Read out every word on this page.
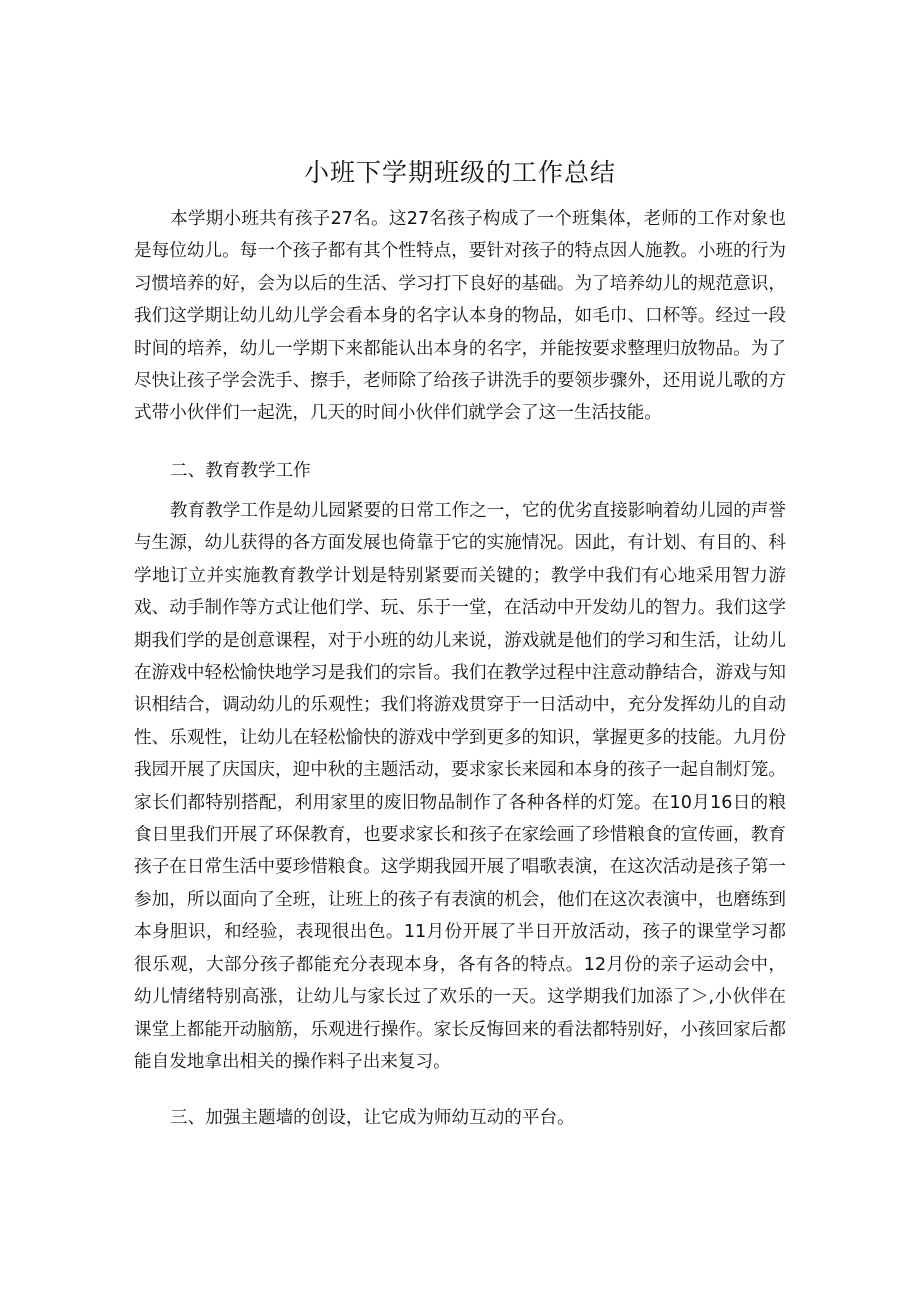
小班下学期班级的工作总结

本学期小班共有孩子27名。这27名孩子构成了一个班集体，老师的工作对象也是每位幼儿。每一个孩子都有其个性特点，要针对孩子的特点因人施教。小班的行为习惯培养的好，会为以后的生活、学习打下良好的基础。为了培养幼儿的规范意识，我们这学期让幼儿幼儿学会看本身的名字认本身的物品，如毛巾、口杯等。经过一段时间的培养，幼儿一学期下来都能认出本身的名字，并能按要求整理归放物品。为了尽快让孩子学会洗手、擦手，老师除了给孩子讲洗手的要领步骤外，还用说儿歌的方式带小伙伴们一起洗，几天的时间小伙伴们就学会了这一生活技能。

二、教育教学工作

教育教学工作是幼儿园紧要的日常工作之一，它的优劣直接影响着幼儿园的声誉与生源，幼儿获得的各方面发展也倚靠于它的实施情况。因此，有计划、有目的、科学地订立并实施教育教学计划是特别紧要而关键的；教学中我们有心地采用智力游戏、动手制作等方式让他们学、玩、乐于一堂，在活动中开发幼儿的智力。我们这学期我们学的是创意课程，对于小班的幼儿来说，游戏就是他们的学习和生活，让幼儿在游戏中轻松愉快地学习是我们的宗旨。我们在教学过程中注意动静结合，游戏与知识相结合，调动幼儿的乐观性；我们将游戏贯穿于一日活动中，充分发挥幼儿的自动性、乐观性，让幼儿在轻松愉快的游戏中学到更多的知识，掌握更多的技能。九月份我园开展了庆国庆，迎中秋的主题活动，要求家长来园和本身的孩子一起自制灯笼。家长们都特别搭配，利用家里的废旧物品制作了各种各样的灯笼。在10月16日的粮食日里我们开展了环保教育，也要求家长和孩子在家绘画了珍惜粮食的宣传画，教育孩子在日常生活中要珍惜粮食。这学期我园开展了唱歌表演，在这次活动是孩子第一参加，所以面向了全班，让班上的孩子有表演的机会，他们在这次表演中，也磨练到本身胆识，和经验，表现很出色。11月份开展了半日开放活动，孩子的课堂学习都很乐观，大部分孩子都能充分表现本身，各有各的特点。12月份的亲子运动会中，幼儿情绪特别高涨，让幼儿与家长过了欢乐的一天。这学期我们加添了＞,小伙伴在课堂上都能开动脑筋，乐观进行操作。家长反悔回来的看法都特别好，小孩回家后都能自发地拿出相关的操作料子出来复习。

三、加强主题墙的创设，让它成为师幼互动的平台。
